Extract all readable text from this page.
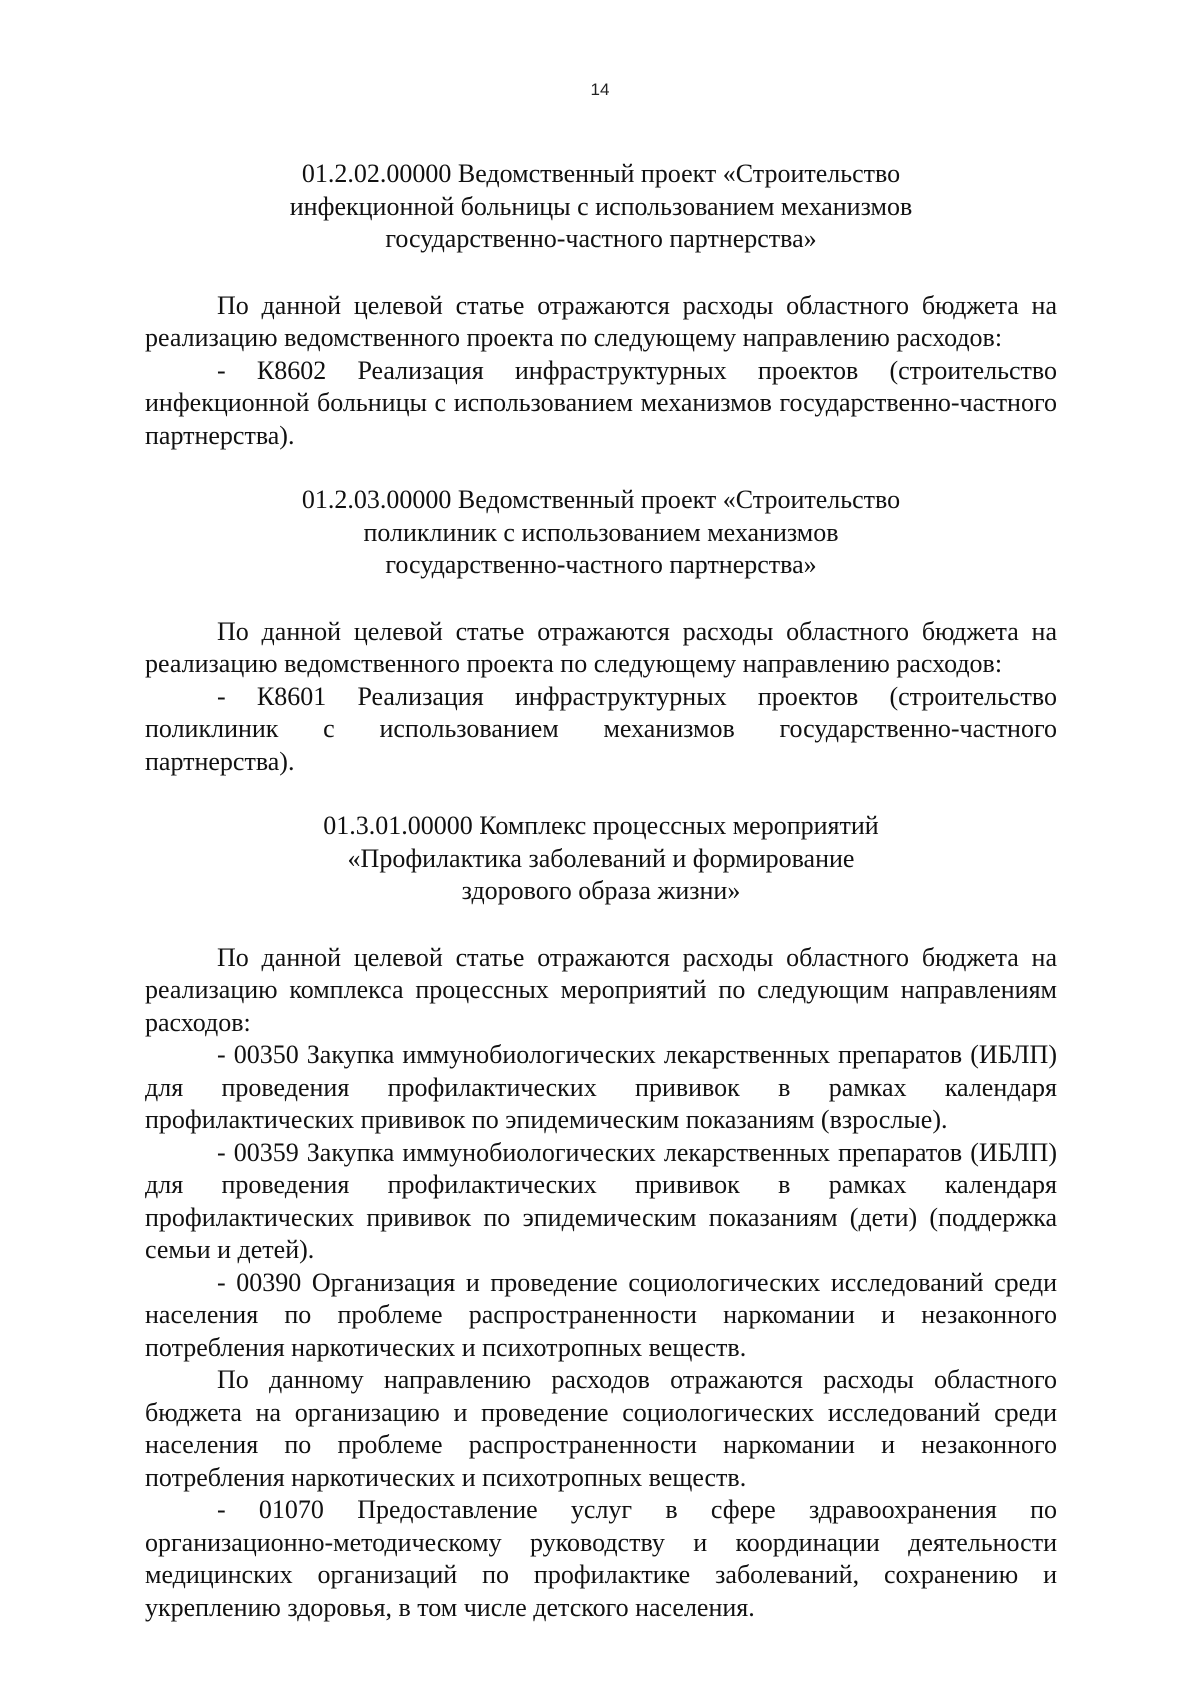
14
01.2.02.00000 Ведомственный проект «Строительство
инфекционной больницы с использованием механизмов
государственно-частного партнерства»

По данной целевой статье отражаются расходы областного бюджета на реализацию ведомственного проекта по следующему направлению расходов:

- К8602 Реализация инфраструктурных проектов (строительство инфекционной больницы с использованием механизмов государственно-частного партнерства).

01.2.03.00000 Ведомственный проект «Строительство
поликлиник с использованием механизмов
государственно-частного партнерства»

По данной целевой статье отражаются расходы областного бюджета на реализацию ведомственного проекта по следующему направлению расходов:

- К8601 Реализация инфраструктурных проектов (строительство поликлиник с использованием механизмов государственно-частного партнерства).

01.3.01.00000 Комплекс процессных мероприятий
«Профилактика заболеваний и формирование
здорового образа жизни»

По данной целевой статье отражаются расходы областного бюджета на реализацию комплекса процессных мероприятий по следующим направлениям расходов:

- 00350 Закупка иммунобиологических лекарственных препаратов (ИБЛП) для проведения профилактических прививок в рамках календаря профилактических прививок по эпидемическим показаниям (взрослые).

- 00359 Закупка иммунобиологических лекарственных препаратов (ИБЛП) для проведения профилактических прививок в рамках календаря профилактических прививок по эпидемическим показаниям (дети) (поддержка семьи и детей).

- 00390 Организация и проведение социологических исследований среди населения по проблеме распространенности наркомании и незаконного потребления наркотических и психотропных веществ.

По данному направлению расходов отражаются расходы областного бюджета на организацию и проведение социологических исследований среди населения по проблеме распространенности наркомании и незаконного потребления наркотических и психотропных веществ.

- 01070 Предоставление услуг в сфере здравоохранения по организационно-методическому руководству и координации деятельности медицинских организаций по профилактике заболеваний, сохранению и укреплению здоровья, в том числе детского населения.
